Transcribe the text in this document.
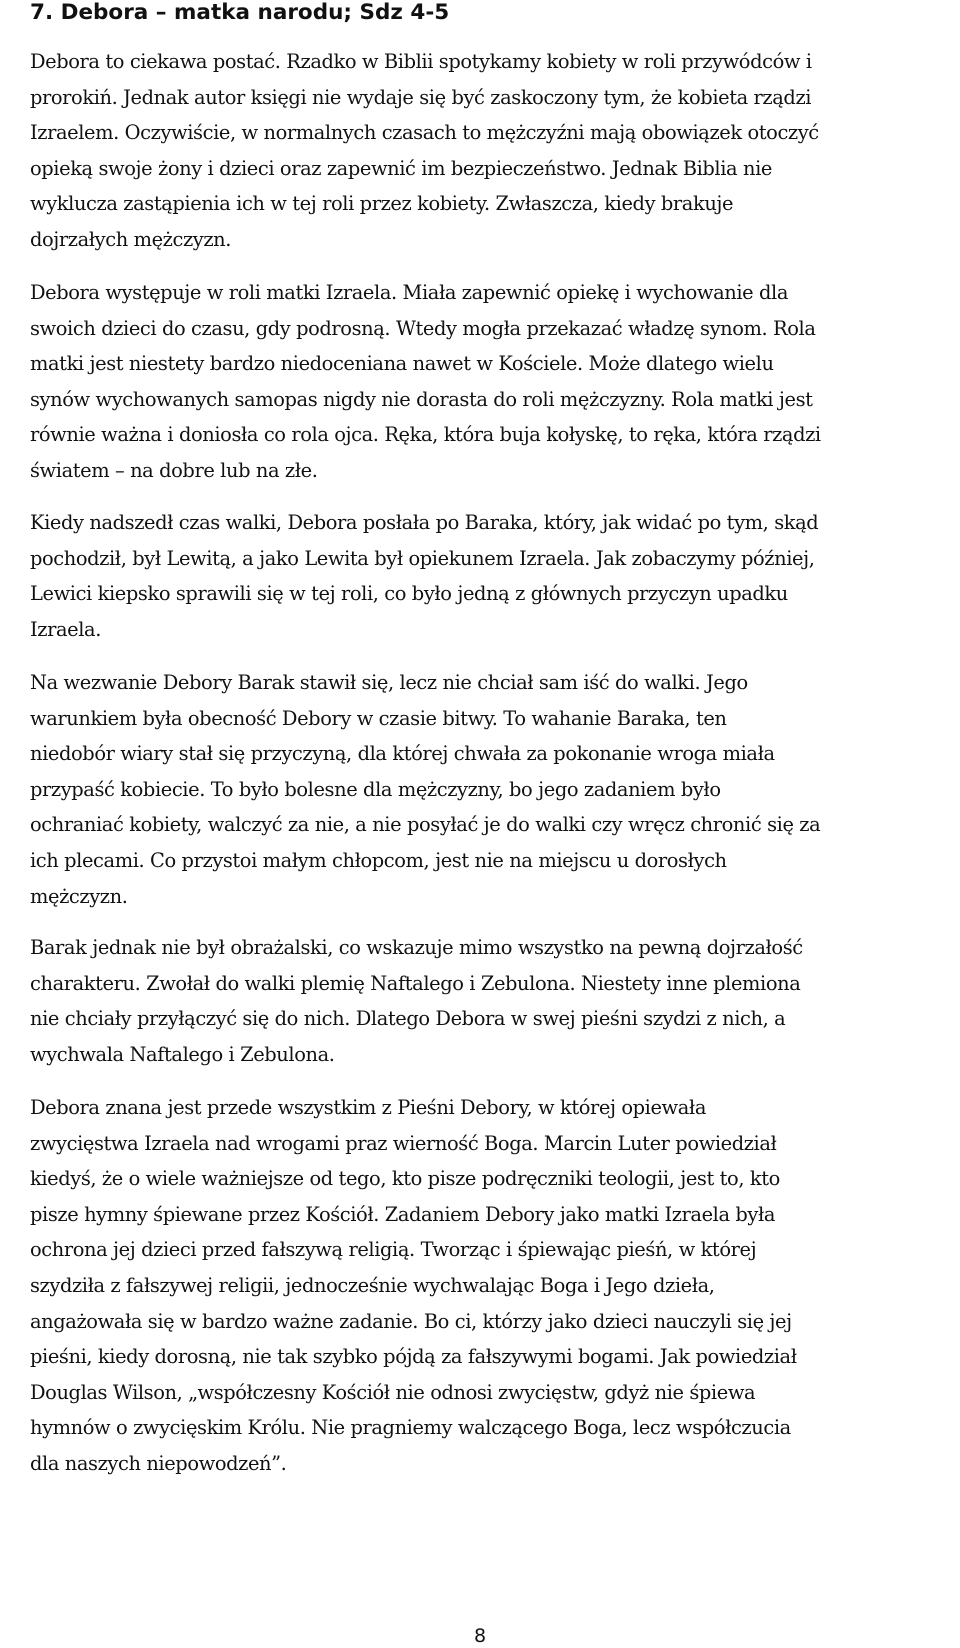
7. Debora – matka narodu; Sdz 4-5

Debora to ciekawa postać. Rzadko w Biblii spotykamy kobiety w roli przywódców i
prorokiń. Jednak autor księgi nie wydaje się być zaskoczony tym, że kobieta rządzi
Izraelem. Oczywiście, w normalnych czasach to mężczyźni mają obowiązek otoczyć
opieką swoje żony i dzieci oraz zapewnić im bezpieczeństwo. Jednak Biblia nie
wyklucza zastąpienia ich w tej roli przez kobiety. Zwłaszcza, kiedy brakuje
dojrzałych mężczyzn.

Debora występuje w roli matki Izraela. Miała zapewnić opiekę i wychowanie dla
swoich dzieci do czasu, gdy podrosną. Wtedy mogła przekazać władzę synom. Rola
matki jest niestety bardzo niedoceniana nawet w Kościele. Może dlatego wielu
synów wychowanych samopas nigdy nie dorasta do roli mężczyzny. Rola matki jest
równie ważna i doniosła co rola ojca. Ręka, która buja kołyskę, to ręka, która rządzi
światem – na dobre lub na złe.

Kiedy nadszedł czas walki, Debora posłała po Baraka, który, jak widać po tym, skąd
pochodził, był Lewitą, a jako Lewita był opiekunem Izraela. Jak zobaczymy później,
Lewici kiepsko sprawili się w tej roli, co było jedną z głównych przyczyn upadku
Izraela.

Na wezwanie Debory Barak stawił się, lecz nie chciał sam iść do walki. Jego
warunkiem była obecność Debory w czasie bitwy. To wahanie Baraka, ten
niedobór wiary stał się przyczyną, dla której chwała za pokonanie wroga miała
przypaść kobiecie. To było bolesne dla mężczyzny, bo jego zadaniem było
ochraniać kobiety, walczyć za nie, a nie posyłać je do walki czy wręcz chronić się za
ich plecami. Co przystoi małym chłopcom, jest nie na miejscu u dorosłych
mężczyzn.

Barak jednak nie był obrażalski, co wskazuje mimo wszystko na pewną dojrzałość
charakteru. Zwołał do walki plemię Naftalego i Zebulona. Niestety inne plemiona
nie chciały przyłączyć się do nich. Dlatego Debora w swej pieśni szydzi z nich, a
wychwala Naftalego i Zebulona.

Debora znana jest przede wszystkim z Pieśni Debory, w której opiewała
zwycięstwa Izraela nad wrogami praz wierność Boga. Marcin Luter powiedział
kiedyś, że o wiele ważniejsze od tego, kto pisze podręczniki teologii, jest to, kto
pisze hymny śpiewane przez Kościół. Zadaniem Debory jako matki Izraela była
ochrona jej dzieci przed fałszywą religią. Tworząc i śpiewając pieśń, w której
szydziła z fałszywej religii, jednocześnie wychwalając Boga i Jego dzieła,
angażowała się w bardzo ważne zadanie. Bo ci, którzy jako dzieci nauczyli się jej
pieśni, kiedy dorosną, nie tak szybko pójdą za fałszywymi bogami. Jak powiedział
Douglas Wilson, „współczesny Kościół nie odnosi zwycięstw, gdyż nie śpiewa
hymnów o zwycięskim Królu. Nie pragniemy walczącego Boga, lecz współczucia
dla naszych niepowodzeń”.

8
